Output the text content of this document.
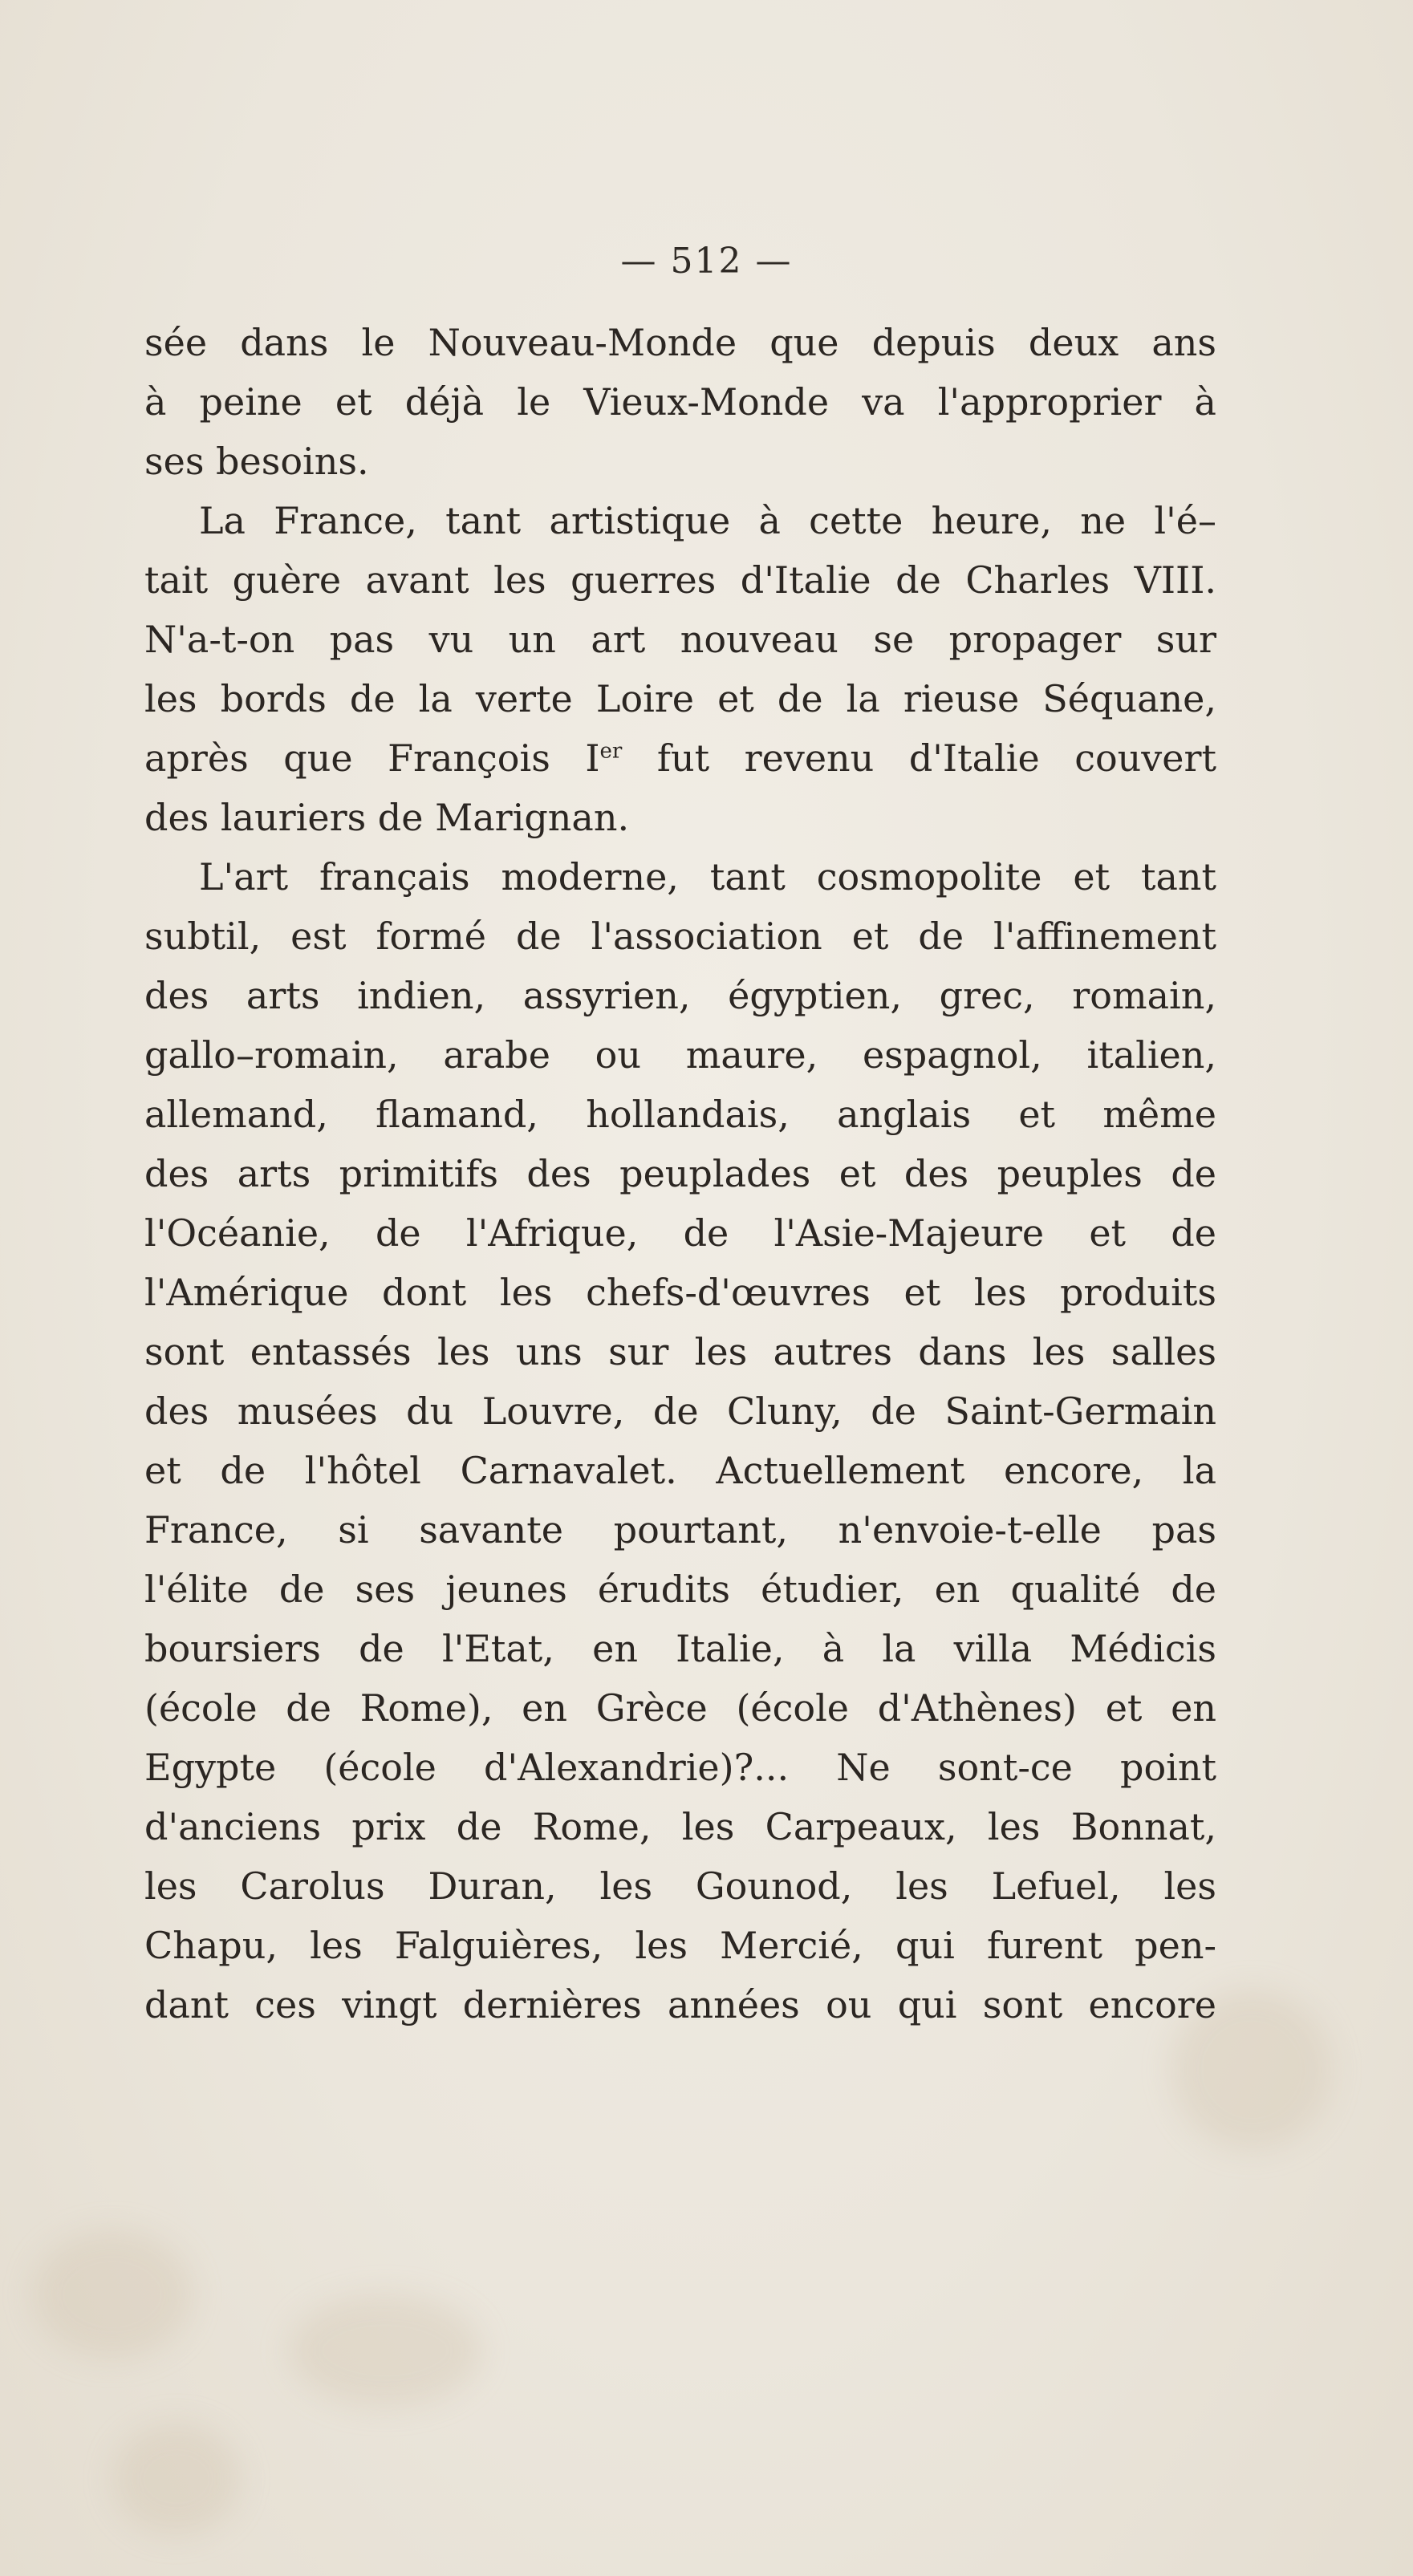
— 512 —
sée dans le Nouveau-Monde que depuis deux ans
à peine et déjà le Vieux-Monde va l'approprier à
ses besoins.
La France, tant artistique à cette heure, ne l'é–
tait guère avant les guerres d'Italie de Charles VIII.
N'a-t-on pas vu un art nouveau se propager sur
les bords de la verte Loire et de la rieuse Séquane,
après que François Ier fut revenu d'Italie couvert
des lauriers de Marignan.
L'art français moderne, tant cosmopolite et tant
subtil, est formé de l'association et de l'affinement
des arts indien, assyrien, égyptien, grec, romain,
gallo–romain, arabe ou maure, espagnol, italien,
allemand, flamand, hollandais, anglais et même
des arts primitifs des peuplades et des peuples de
l'Océanie, de l'Afrique, de l'Asie-Majeure et de
l'Amérique dont les chefs-d'œuvres et les produits
sont entassés les uns sur les autres dans les salles
des musées du Louvre, de Cluny, de Saint-Germain
et de l'hôtel Carnavalet. Actuellement encore, la
France, si savante pourtant, n'envoie-t-elle pas
l'élite de ses jeunes érudits étudier, en qualité de
boursiers de l'Etat, en Italie, à la villa Médicis
(école de Rome), en Grèce (école d'Athènes) et en
Egypte (école d'Alexandrie)?... Ne sont-ce point
d'anciens prix de Rome, les Carpeaux, les Bonnat,
les Carolus Duran, les Gounod, les Lefuel, les
Chapu, les Falguières, les Mercié, qui furent pen-
dant ces vingt dernières années ou qui sont encore
